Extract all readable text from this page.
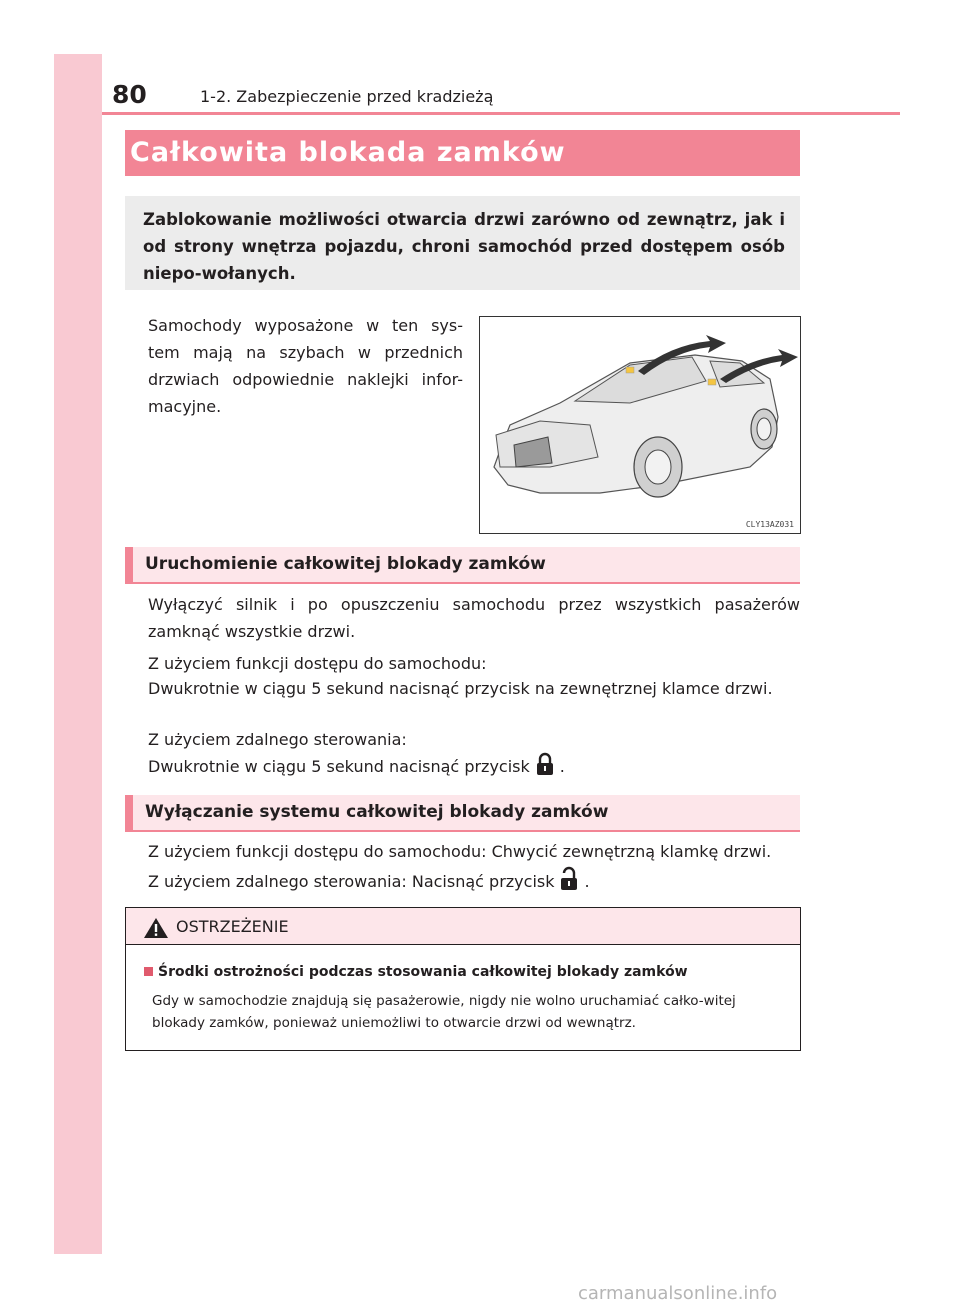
80	1-2. Zabezpieczenie przed kradzieżą
Całkowita blokada zamków
Zablokowanie możliwości otwarcia drzwi zarówno od zewnątrz, jak i od strony wnętrza pojazdu, chroni samochód przed dostępem osób niepo-wołanych.
Samochody wyposażone w ten sys-tem mają na szybach w przednich drzwiach odpowiednie naklejki infor-macyjne.
CLY13AZ031
Uruchomienie całkowitej blokady zamków
Wyłączyć silnik i po opuszczeniu samochodu przez wszystkich pasażerów zamknąć wszystkie drzwi.
Z użyciem funkcji dostępu do samochodu:
Dwukrotnie w ciągu 5 sekund nacisnąć przycisk na zewnętrznej klamce drzwi.
Z użyciem zdalnego sterowania:
Dwukrotnie w ciągu 5 sekund nacisnąć przycisk .
Wyłączanie systemu całkowitej blokady zamków
Z użyciem funkcji dostępu do samochodu: Chwycić zewnętrzną klamkę drzwi.
Z użyciem zdalnego sterowania: Nacisnąć przycisk .
OSTRZEŻENIE
Środki ostrożności podczas stosowania całkowitej blokady zamków
Gdy w samochodzie znajdują się pasażerowie, nigdy nie wolno uruchamiać całko-witej blokady zamków, ponieważ uniemożliwi to otwarcie drzwi od wewnątrz.
carmanualsonline.info
